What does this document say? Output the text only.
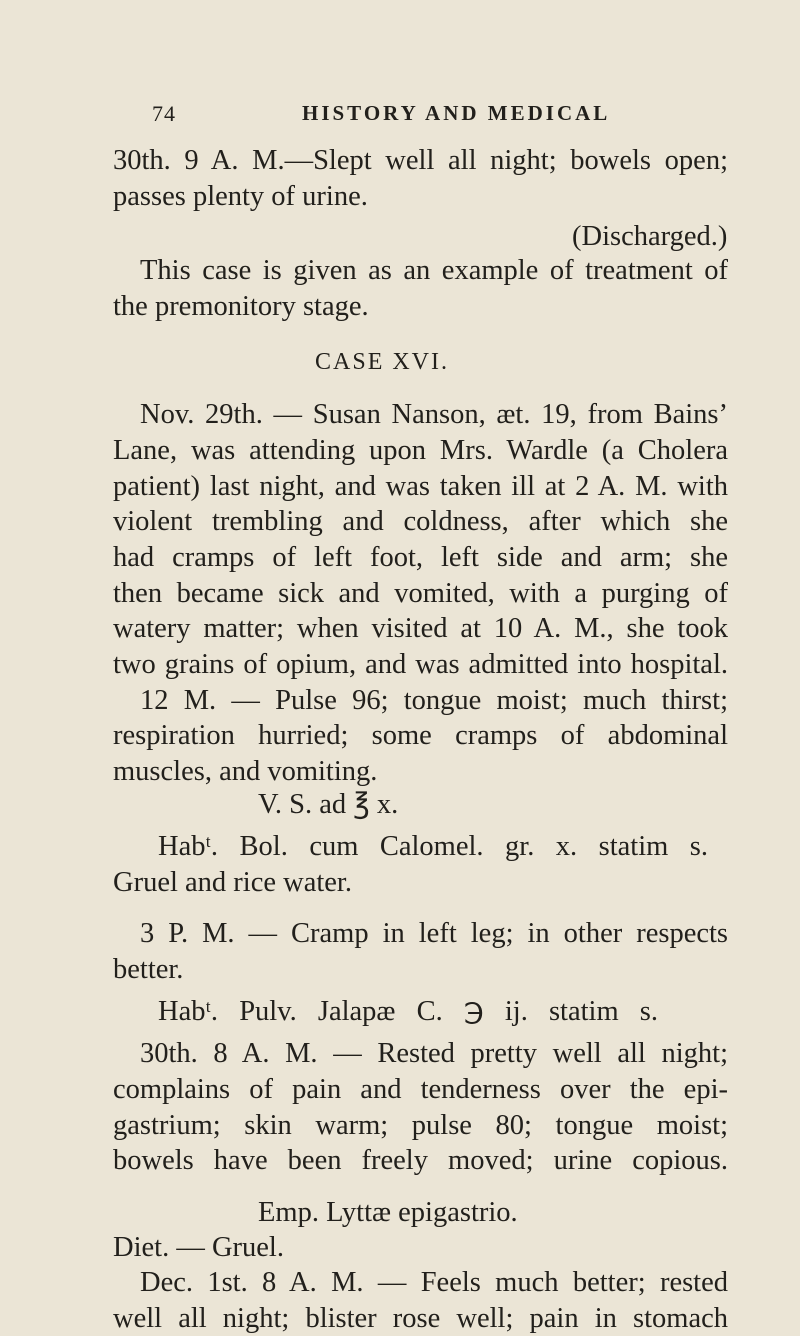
74	HISTORY AND MEDICAL
30th. 9 A. M.—Slept well all night; bowels open;
passes plenty of urine.
(Discharged.)
This case is given as an example of treatment of
the premonitory stage.
CASE XVI.
Nov. 29th. — Susan Nanson, æt. 19, from Bains’
Lane, was attending upon Mrs. Wardle (a Cholera
patient) last night, and was taken ill at 2 A. M. with
violent trembling and coldness, after which she
had cramps of left foot, left side and arm; she
then became sick and vomited, with a purging of
watery matter; when visited at 10 A. M., she took
two grains of opium, and was admitted into hospital.
12 M. — Pulse 96; tongue moist; much thirst;
respiration hurried; some cramps of abdominal
muscles, and vomiting.
V. S. ad ℥ x.
Habᵗ. Bol. cum Calomel. gr. x. statim s.
Gruel and rice water.
3 P. M. — Cramp in left leg; in other respects
better.
Habᵗ. Pulv. Jalapæ C. ℈ ij. statim s.
30th. 8 A. M. — Rested pretty well all night;
complains of pain and tenderness over the epi-
gastrium; skin warm; pulse 80; tongue moist;
bowels have been freely moved; urine copious.
Emp. Lyttæ epigastrio.
Diet. — Gruel.
Dec. 1st. 8 A. M. — Feels much better; rested
well all night; blister rose well; pain in stomach
